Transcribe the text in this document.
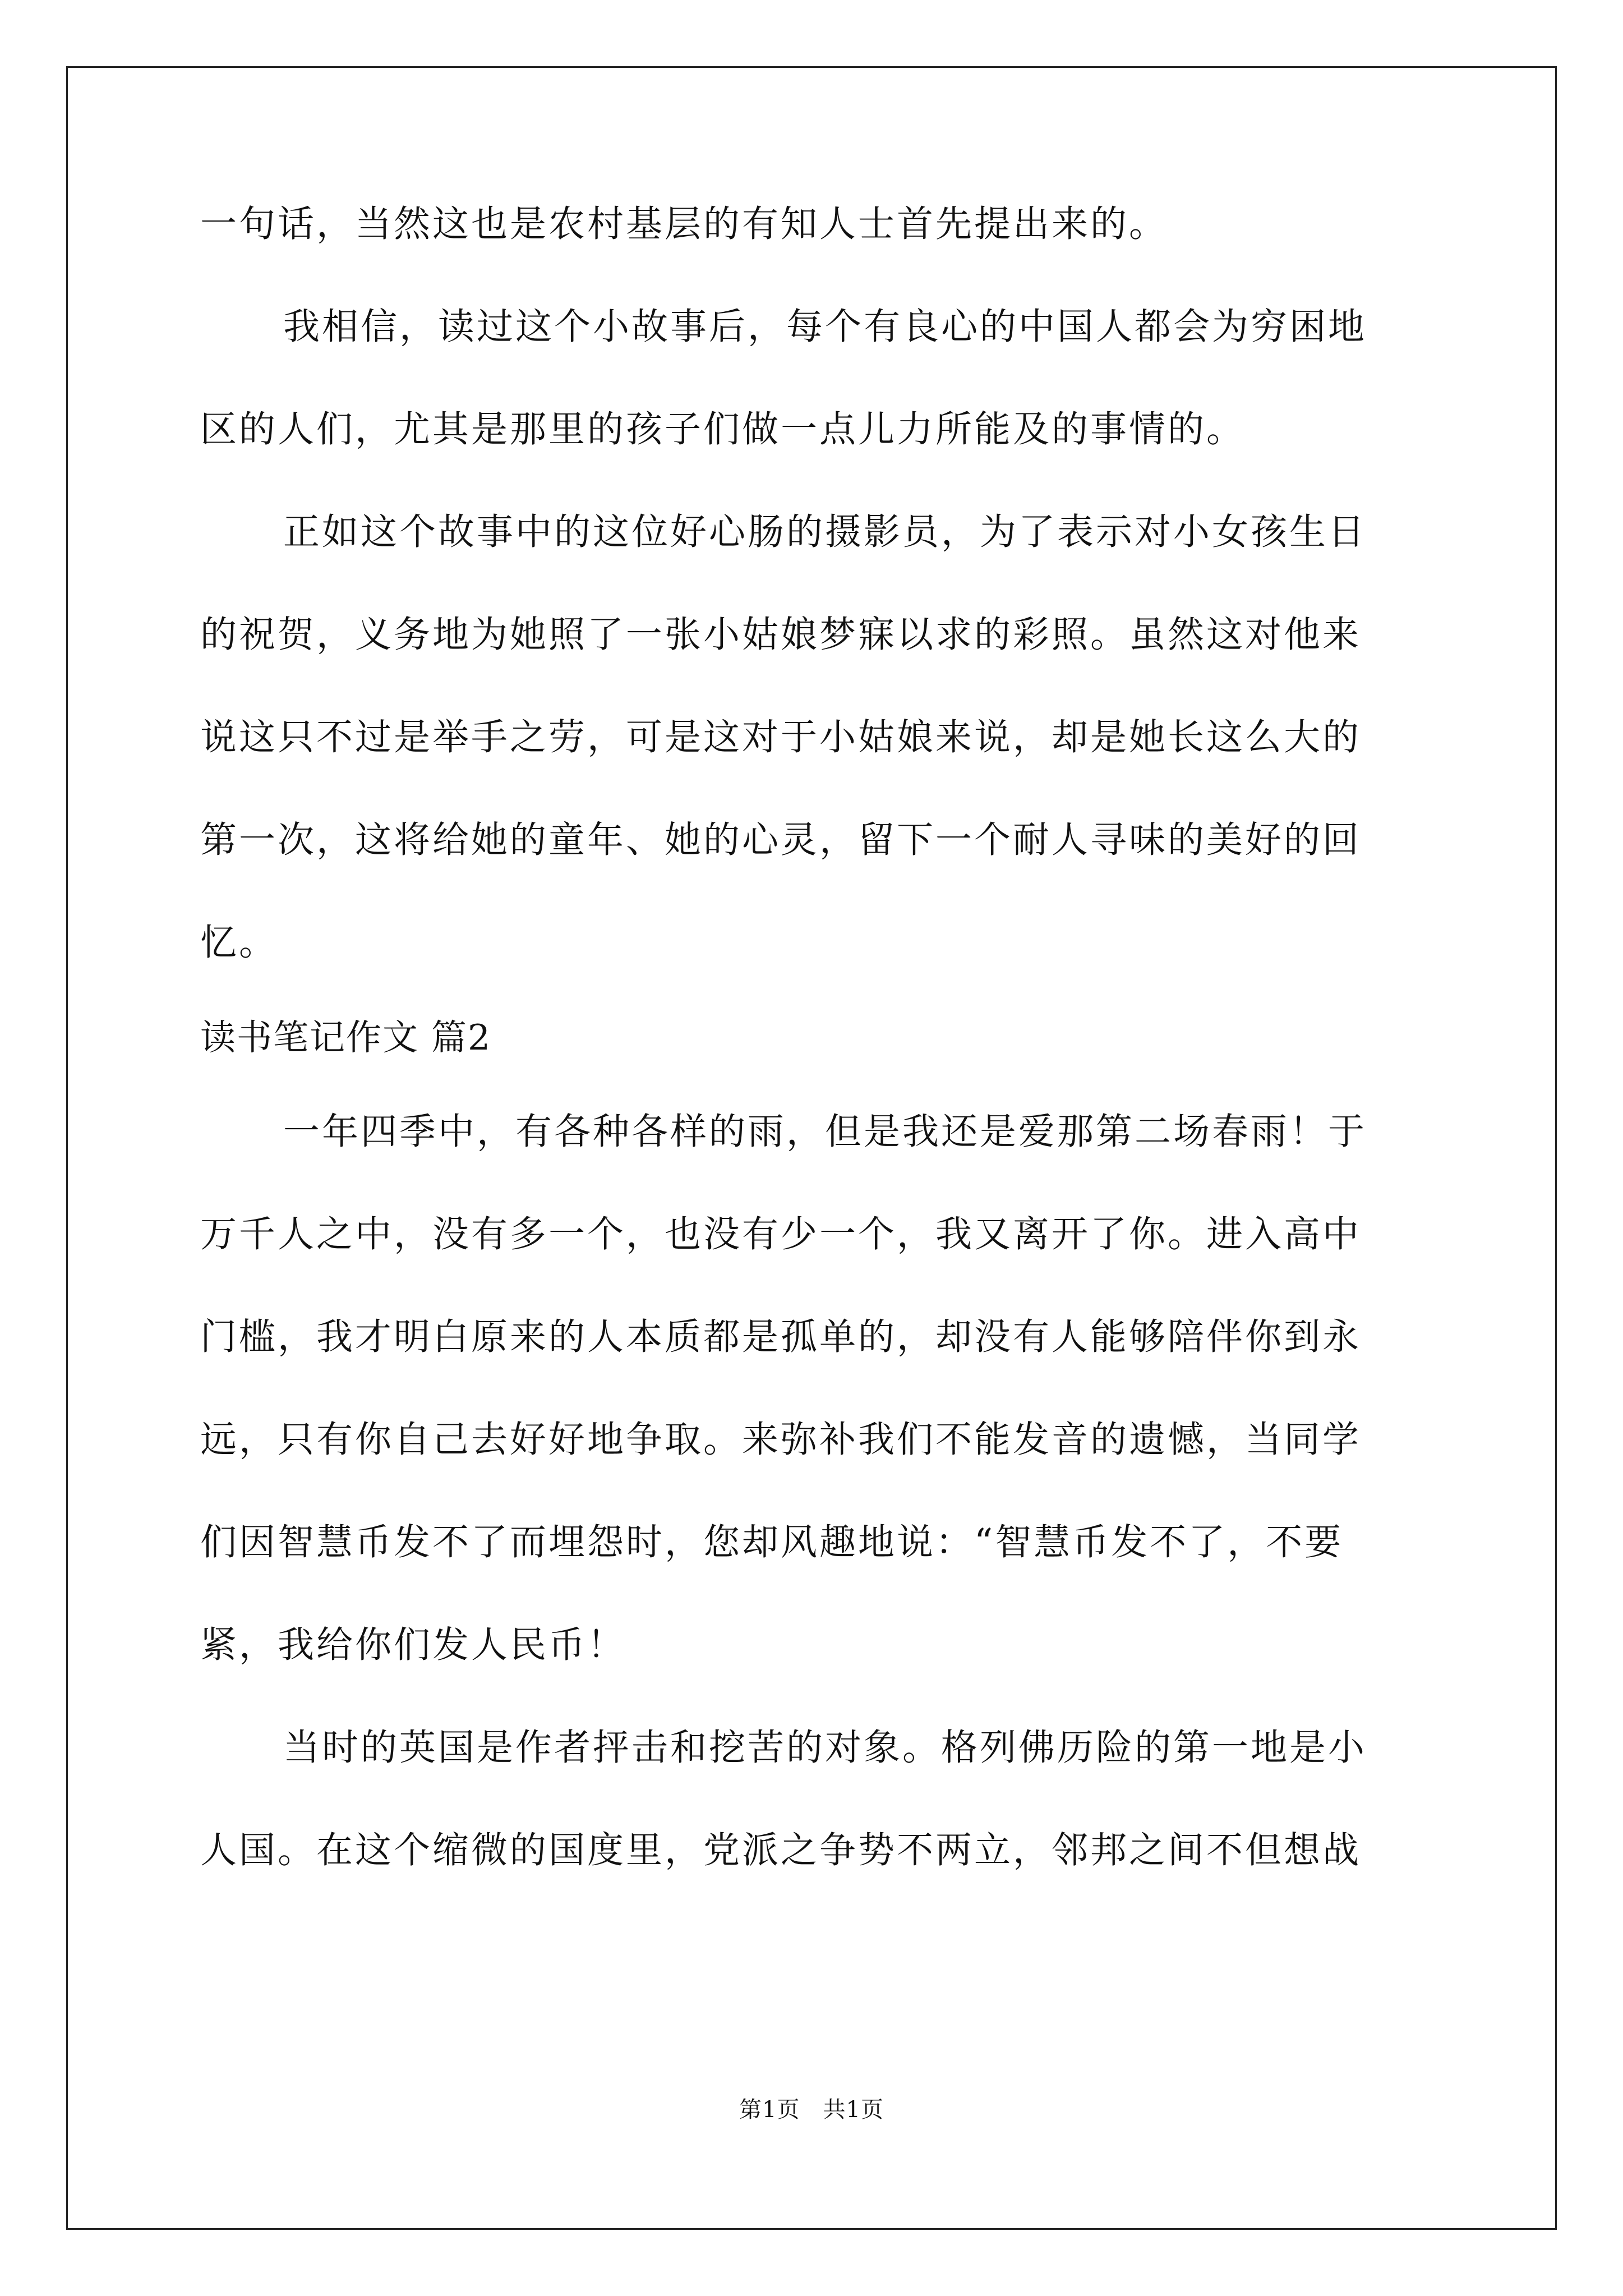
一句话，当然这也是农村基层的有知人士首先提出来的。
我相信，读过这个小故事后，每个有良心的中国人都会为穷困地
区的人们，尤其是那里的孩子们做一点儿力所能及的事情的。
正如这个故事中的这位好心肠的摄影员，为了表示对小女孩生日
的祝贺，义务地为她照了一张小姑娘梦寐以求的彩照。虽然这对他来
说这只不过是举手之劳，可是这对于小姑娘来说，却是她长这么大的
第一次，这将给她的童年、她的心灵，留下一个耐人寻味的美好的回
忆。
读书笔记作文 篇2
一年四季中，有各种各样的雨，但是我还是爱那第二场春雨！于
万千人之中，没有多一个，也没有少一个，我又离开了你。进入高中
门槛，我才明白原来的人本质都是孤单的，却没有人能够陪伴你到永
远，只有你自己去好好地争取。来弥补我们不能发音的遗憾，当同学
们因智慧币发不了而埋怨时，您却风趣地说：“智慧币发不了，不要
紧，我给你们发人民币！
当时的英国是作者抨击和挖苦的对象。格列佛历险的第一地是小
人国。在这个缩微的国度里，党派之争势不两立，邻邦之间不但想战
第1页　共1页
